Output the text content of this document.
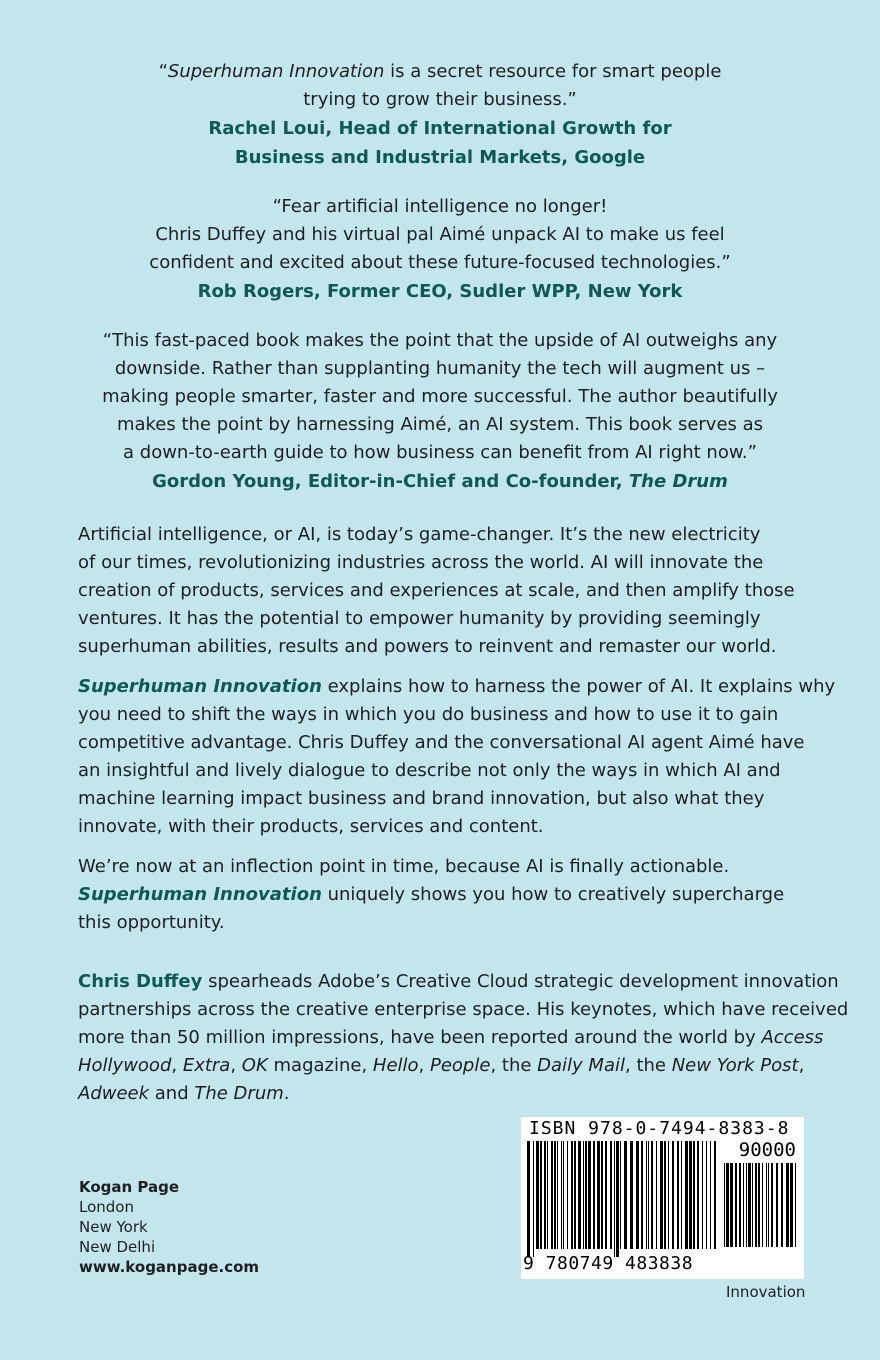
“Superhuman Innovation is a secret resource for smart people

trying to grow their business.”

Rachel Loui, Head of International Growth for
Business and Industrial Markets, Google

“Fear artificial intelligence no longer!

Chris Duffey and his virtual pal Aimé unpack AI to make us feel

confident and excited about these future-focused technologies.”

Rob Rogers, Former CEO, Sudler WPP, New York

“This fast-paced book makes the point that the upside of AI outweighs any

downside. Rather than supplanting humanity the tech will augment us –

making people smarter, faster and more successful. The author beautifully

makes the point by harnessing Aimé, an AI system. This book serves as

a down-to-earth guide to how business can benefit from AI right now.”

Gordon Young, Editor-in-Chief and Co-founder, The Drum
Artificial intelligence, or AI, is today’s game-changer. It’s the new electricity
of our times, revolutionizing industries across the world. AI will innovate the
creation of products, services and experiences at scale, and then amplify those
ventures. It has the potential to empower humanity by providing seemingly
superhuman abilities, results and powers to reinvent and remaster our world.
Superhuman Innovation explains how to harness the power of AI. It explains why
you need to shift the ways in which you do business and how to use it to gain
competitive advantage. Chris Duffey and the conversational AI agent Aimé have
an insightful and lively dialogue to describe not only the ways in which AI and
machine learning impact business and brand innovation, but also what they
innovate, with their products, services and content.
We’re now at an inflection point in time, because AI is finally actionable.
Superhuman Innovation uniquely shows you how to creatively supercharge
this opportunity.
Chris Duffey spearheads Adobe’s Creative Cloud strategic development innovation
partnerships across the creative enterprise space. His keynotes, which have received
more than 50 million impressions, have been reported around the world by Access
Hollywood, Extra, OK magazine, Hello, People, the Daily Mail, the New York Post,
Adweek and The Drum.
Kogan Page
London
New York
New Delhi
www.koganpage.com
ISBN 978-0-7494-8383-8
90000
9 780749 483838
Innovation
